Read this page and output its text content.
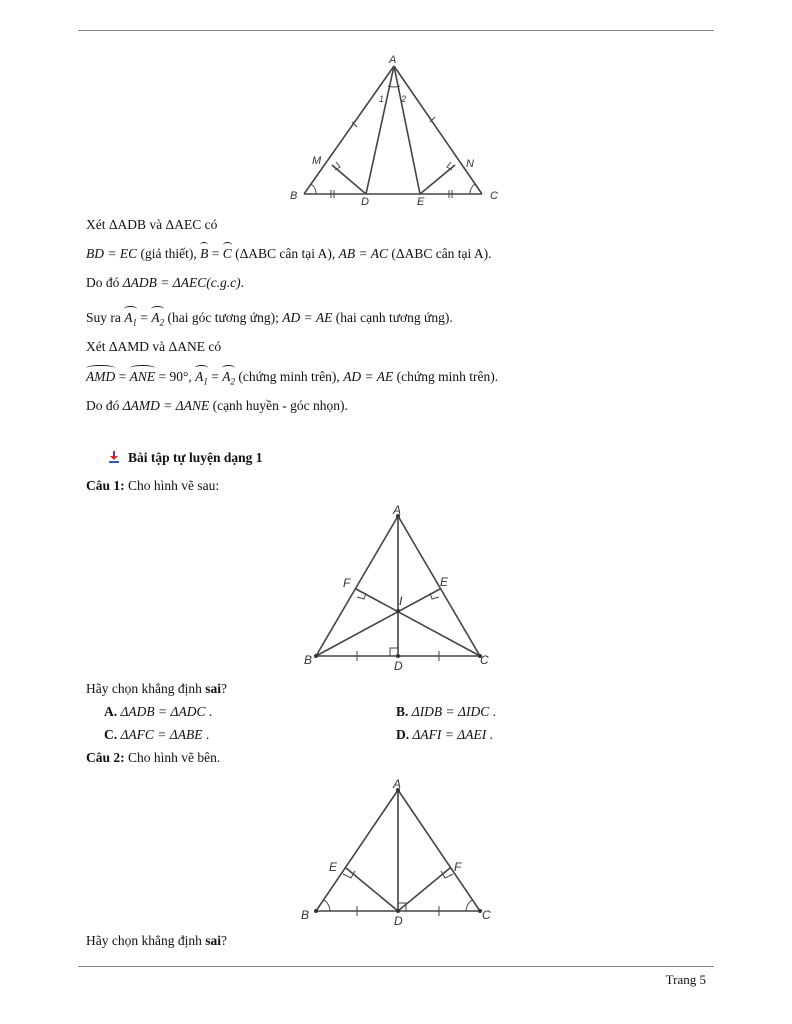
A
1 2
M	N
B	D	E	C
Xét ΔADB và ΔAEC có
BD = EC (giả thiết), B = C (ΔABC cân tại A), AB = AC (ΔABC cân tại A).
Do đó ΔADB = ΔAEC(c.g.c).
Suy ra $A_1 = A_2$ (hai góc tương ứng); AD = AE (hai cạnh tương ứng).
Xét ΔAMD và ΔANE có
AMD = ANE = 90°, $A_1 = A_2$ (chứng minh trên), AD = AE (chứng minh trên).
Do đó ΔAMD = ΔANE (cạnh huyền - góc nhọn).
Bài tập tự luyện dạng 1
Câu 1: Cho hình vẽ sau:
A
F	E
I
B	D	C
Hãy chọn khẳng định sai?
A. ΔADB = ΔADC .	B. ΔIDB = ΔIDC .
C. ΔAFC = ΔABE .	D. ΔAFI = ΔAEI .
Câu 2: Cho hình vẽ bên.
A
E	F
B	D	C
Hãy chọn khẳng định sai?
Trang 5
